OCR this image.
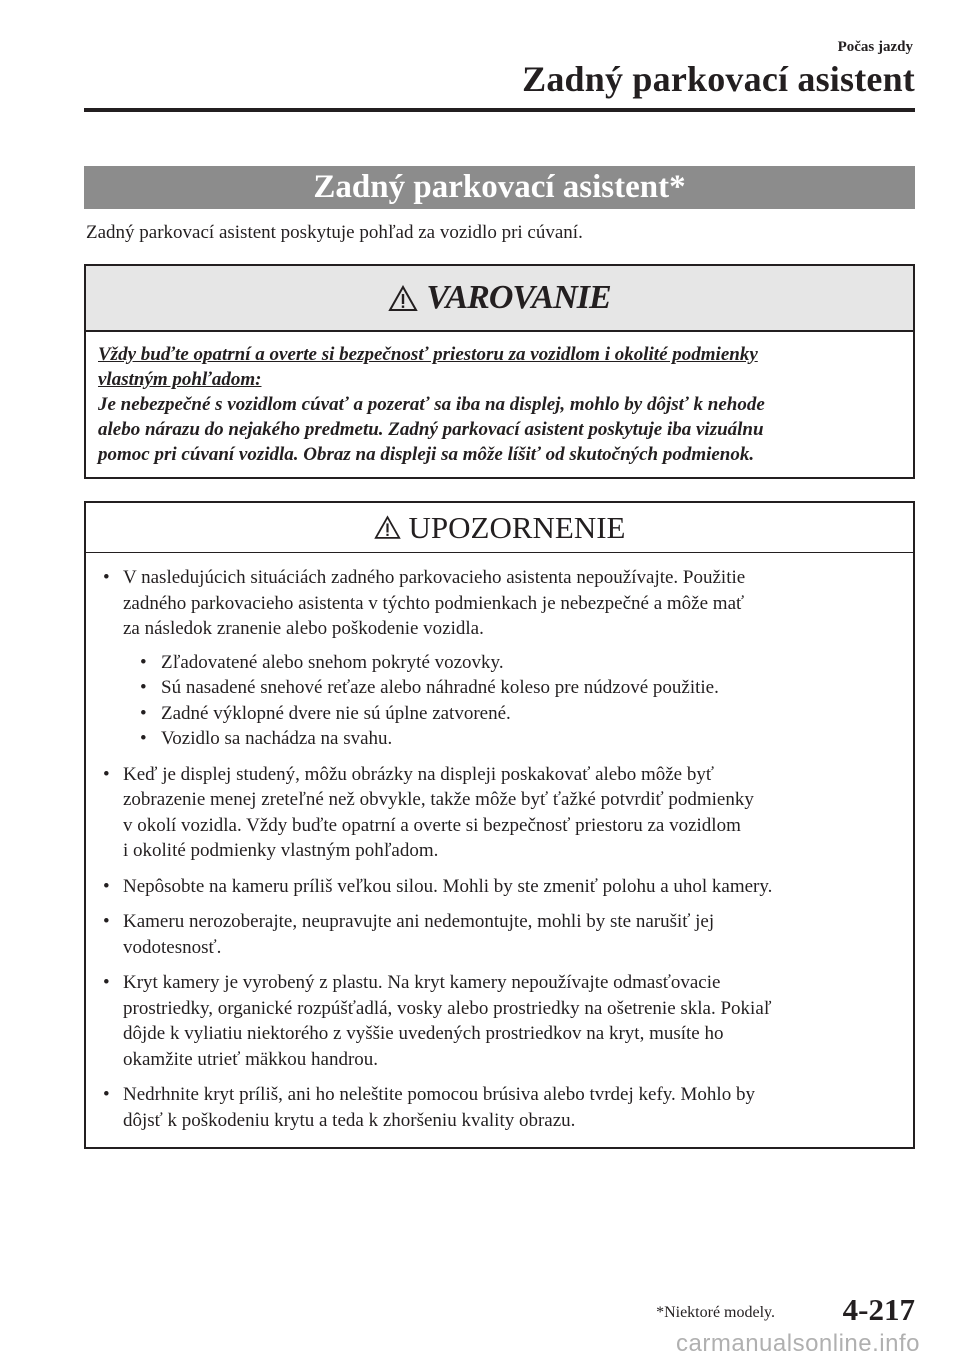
Počas jazdy
Zadný parkovací asistent
Zadný parkovací asistent*
Zadný parkovací asistent poskytuje pohľad za vozidlo pri cúvaní.
VAROVANIE
Vždy buďte opatrní a overte si bezpečnosť priestoru za vozidlom i okolité podmienky
vlastným pohľadom:
Je nebezpečné s vozidlom cúvať a pozerať sa iba na displej, mohlo by dôjsť k nehode
alebo nárazu do nejakého predmetu. Zadný parkovací asistent poskytuje iba vizuálnu
pomoc pri cúvaní vozidla. Obraz na displeji sa môže líšiť od skutočných podmienok.
UPOZORNENIE
• V nasledujúcich situáciách zadného parkovacieho asistenta nepoužívajte. Použitie

zadného parkovacieho asistenta v týchto podmienkach je nebezpečné a môže mať

za následok zranenie alebo poškodenie vozidla.

• Zľadovatené alebo snehom pokryté vozovky.
• Sú nasadené snehové reťaze alebo náhradné koleso pre núdzové použitie.
• Zadné výklopné dvere nie sú úplne zatvorené.
• Vozidlo sa nachádza na svahu.
• Keď je displej studený, môžu obrázky na displeji poskakovať alebo môže byť

zobrazenie menej zreteľné než obvykle, takže môže byť ťažké potvrdiť podmienky

v okolí vozidla. Vždy buďte opatrní a overte si bezpečnosť priestoru za vozidlom

i okolité podmienky vlastným pohľadom.

• Nepôsobte na kameru príliš veľkou silou. Mohli by ste zmeniť polohu a uhol kamery.

• Kameru nerozoberajte, neupravujte ani nedemontujte, mohli by ste narušiť jej

vodotesnosť.

• Kryt kamery je vyrobený z plastu. Na kryt kamery nepoužívajte odmasťovacie

prostriedky, organické rozpúšťadlá, vosky alebo prostriedky na ošetrenie skla. Pokiaľ

dôjde k vyliatiu niektorého z vyššie uvedených prostriedkov na kryt, musíte ho

okamžite utrieť mäkkou handrou.

• Nedrhnite kryt príliš, ani ho neleštite pomocou brúsiva alebo tvrdej kefy. Mohlo by

dôjsť k poškodeniu krytu a teda k zhoršeniu kvality obrazu.

*Niektoré modely. 4-217
carmanualsonline.info
